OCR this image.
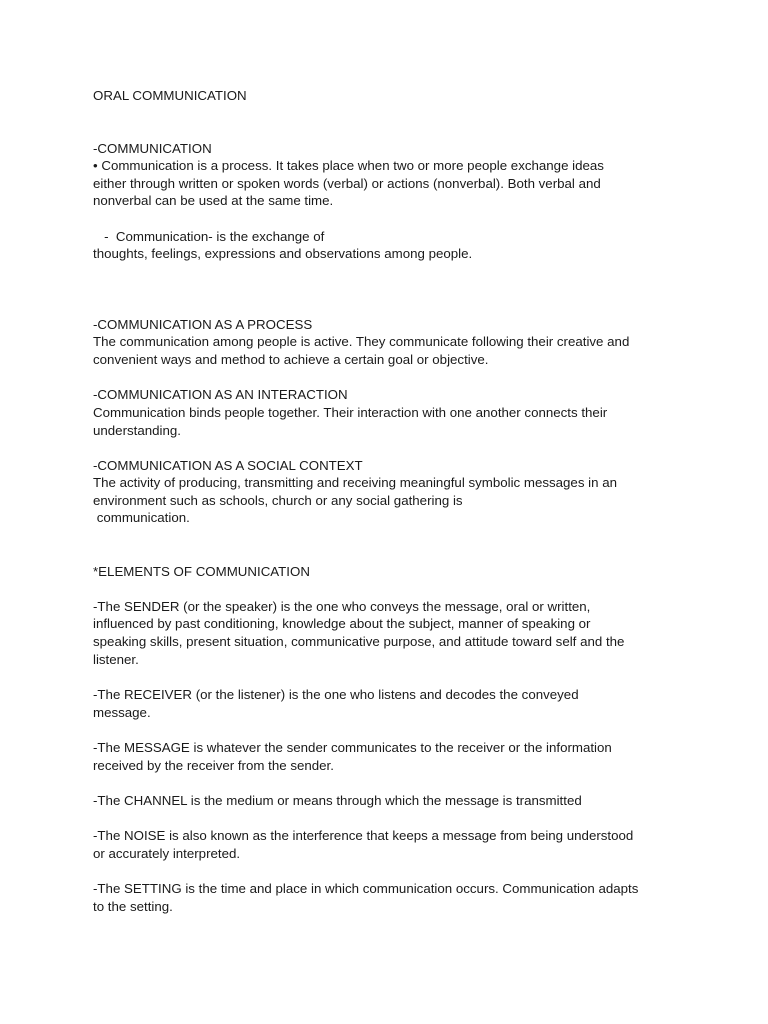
ORAL COMMUNICATION
-COMMUNICATION
• Communication is a process. It takes place when two or more people exchange ideas
either through written or spoken words (verbal) or actions (nonverbal). Both verbal and
nonverbal can be used at the same time.
-  Communication- is the exchange of
thoughts, feelings, expressions and observations among people.
-COMMUNICATION AS A PROCESS
The communication among people is active. They communicate following their creative and
convenient ways and method to achieve a certain goal or objective.
-COMMUNICATION AS AN INTERACTION
Communication binds people together. Their interaction with one another connects their
understanding.
-COMMUNICATION AS A SOCIAL CONTEXT
The activity of producing, transmitting and receiving meaningful symbolic messages in an
environment such as schools, church or any social gathering is
communication.
*ELEMENTS OF COMMUNICATION
-The SENDER (or the speaker) is the one who conveys the message, oral or written,
influenced by past conditioning, knowledge about the subject, manner of speaking or
speaking skills, present situation, communicative purpose, and attitude toward self and the
listener.
-The RECEIVER (or the listener) is the one who listens and decodes the conveyed
message.
-The MESSAGE is whatever the sender communicates to the receiver or the information
received by the receiver from the sender.
-The CHANNEL is the medium or means through which the message is transmitted
-The NOISE is also known as the interference that keeps a message from being understood
or accurately interpreted.
-The SETTING is the time and place in which communication occurs. Communication adapts
to the setting.
